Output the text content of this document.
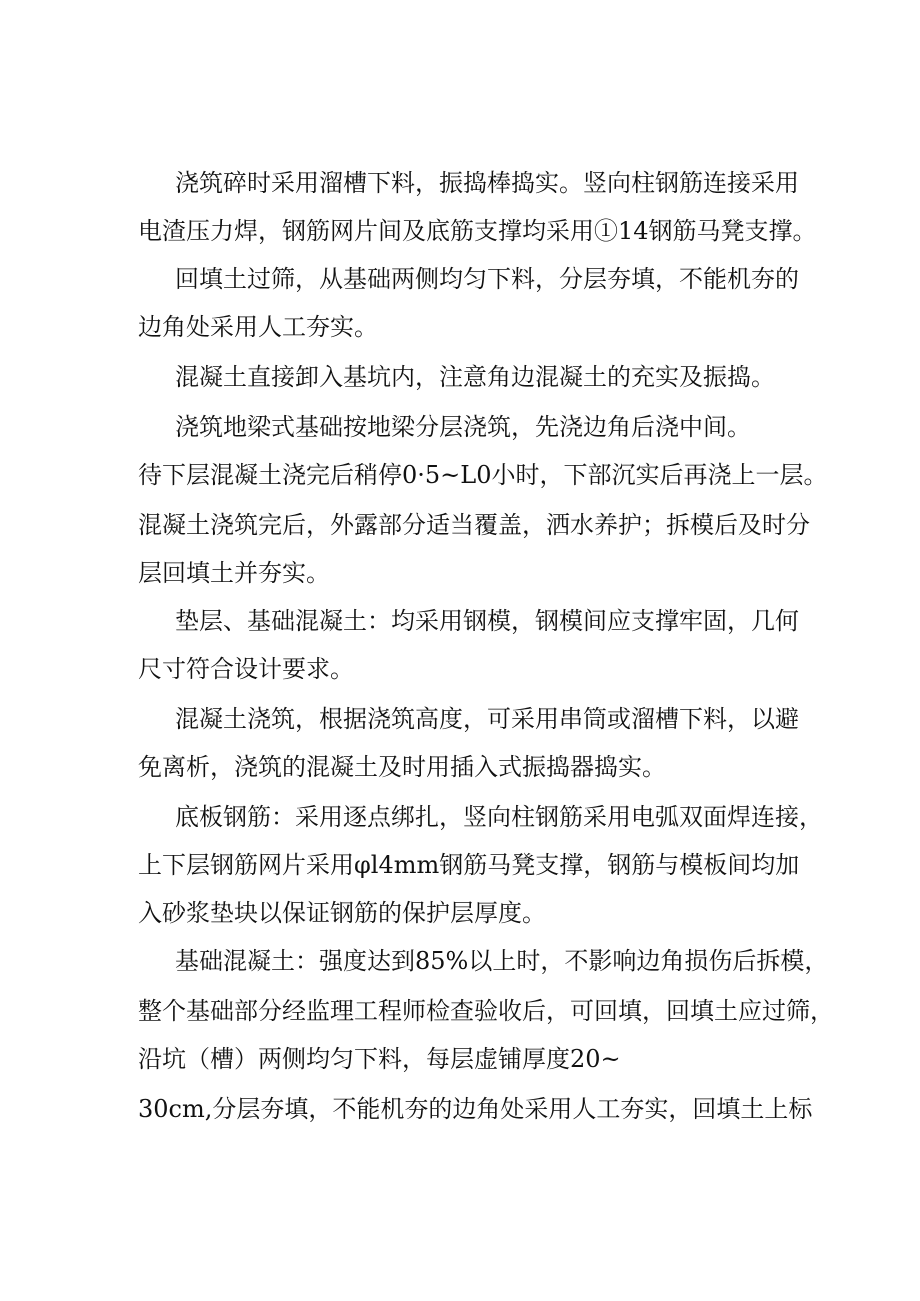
浇筑碎时采用溜槽下料，振捣棒捣实。竖向柱钢筋连接采用
电渣压力焊，钢筋网片间及底筋支撑均采用①14钢筋马凳支撑。
回填土过筛，从基础两侧均匀下料，分层夯填，不能机夯的
边角处采用人工夯实。
混凝土直接卸入基坑内，注意角边混凝土的充实及振捣。
浇筑地梁式基础按地梁分层浇筑，先浇边角后浇中间。
待下层混凝土浇完后稍停0·5~L0小时，下部沉实后再浇上一层。
混凝土浇筑完后，外露部分适当覆盖，洒水养护；拆模后及时分
层回填土并夯实。
垫层、基础混凝土：均采用钢模，钢模间应支撑牢固，几何
尺寸符合设计要求。
混凝土浇筑，根据浇筑高度，可采用串筒或溜槽下料，以避
免离析，浇筑的混凝土及时用插入式振捣器捣实。
底板钢筋：采用逐点绑扎，竖向柱钢筋采用电弧双面焊连接，
上下层钢筋网片采用φl4mm钢筋马凳支撑，钢筋与模板间均加
入砂浆垫块以保证钢筋的保护层厚度。
基础混凝土：强度达到85%以上时，不影响边角损伤后拆模，
整个基础部分经监理工程师检查验收后，可回填，回填土应过筛，
沿坑（槽）两侧均匀下料，每层虚铺厚度20~
30cm,分层夯填，不能机夯的边角处采用人工夯实，回填土上标
